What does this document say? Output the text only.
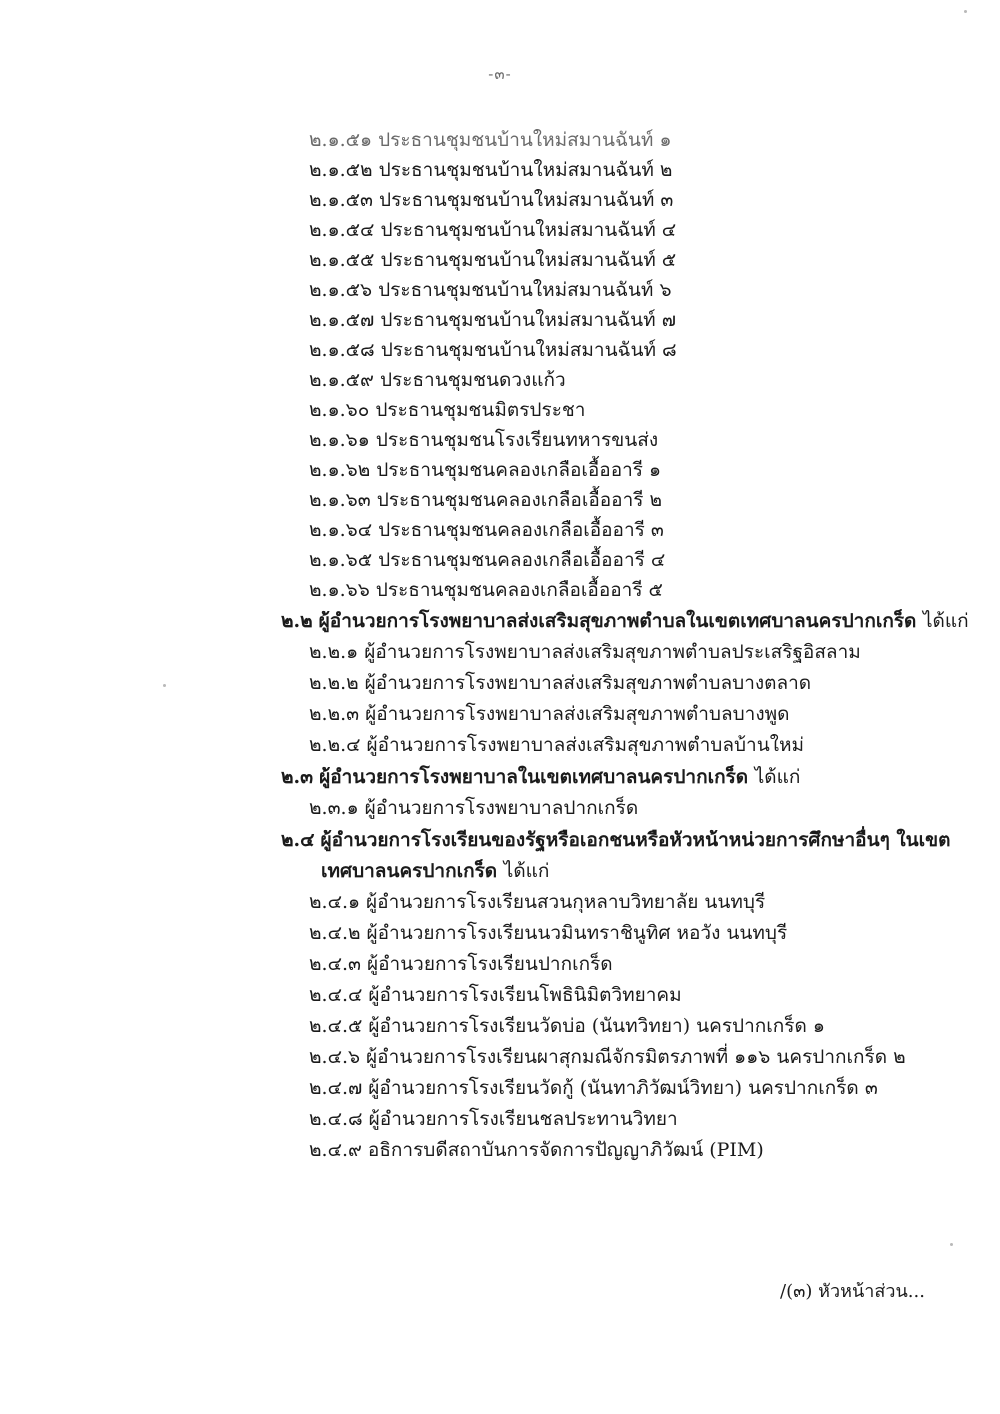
-๓-
๒.๑.๕๑ ประธานชุมชนบ้านใหม่สมานฉันท์ ๑
๒.๑.๕๒ ประธานชุมชนบ้านใหม่สมานฉันท์ ๒
๒.๑.๕๓ ประธานชุมชนบ้านใหม่สมานฉันท์ ๓
๒.๑.๕๔ ประธานชุมชนบ้านใหม่สมานฉันท์ ๔
๒.๑.๕๕ ประธานชุมชนบ้านใหม่สมานฉันท์ ๕
๒.๑.๕๖ ประธานชุมชนบ้านใหม่สมานฉันท์ ๖
๒.๑.๕๗ ประธานชุมชนบ้านใหม่สมานฉันท์ ๗
๒.๑.๕๘ ประธานชุมชนบ้านใหม่สมานฉันท์ ๘
๒.๑.๕๙ ประธานชุมชนดวงแก้ว
๒.๑.๖๐ ประธานชุมชนมิตรประชา
๒.๑.๖๑ ประธานชุมชนโรงเรียนทหารขนส่ง
๒.๑.๖๒ ประธานชุมชนคลองเกลือเอื้ออารี ๑
๒.๑.๖๓ ประธานชุมชนคลองเกลือเอื้ออารี ๒
๒.๑.๖๔ ประธานชุมชนคลองเกลือเอื้ออารี ๓
๒.๑.๖๕ ประธานชุมชนคลองเกลือเอื้ออารี ๔
๒.๑.๖๖ ประธานชุมชนคลองเกลือเอื้ออารี ๕
๒.๒ ผู้อำนวยการโรงพยาบาลส่งเสริมสุขภาพตำบลในเขตเทศบาลนครปากเกร็ด ได้แก่
๒.๒.๑ ผู้อำนวยการโรงพยาบาลส่งเสริมสุขภาพตำบลประเสริฐอิสลาม
๒.๒.๒ ผู้อำนวยการโรงพยาบาลส่งเสริมสุขภาพตำบลบางตลาด
๒.๒.๓ ผู้อำนวยการโรงพยาบาลส่งเสริมสุขภาพตำบลบางพูด
๒.๒.๔ ผู้อำนวยการโรงพยาบาลส่งเสริมสุขภาพตำบลบ้านใหม่
๒.๓ ผู้อำนวยการโรงพยาบาลในเขตเทศบาลนครปากเกร็ด ได้แก่
๒.๓.๑ ผู้อำนวยการโรงพยาบาลปากเกร็ด
๒.๔ ผู้อำนวยการโรงเรียนของรัฐหรือเอกชนหรือหัวหน้าหน่วยการศึกษาอื่นๆ ในเขต
เทศบาลนครปากเกร็ด ได้แก่
๒.๔.๑ ผู้อำนวยการโรงเรียนสวนกุหลาบวิทยาลัย นนทบุรี
๒.๔.๒ ผู้อำนวยการโรงเรียนนวมินทราชินูทิศ หอวัง นนทบุรี
๒.๔.๓ ผู้อำนวยการโรงเรียนปากเกร็ด
๒.๔.๔ ผู้อำนวยการโรงเรียนโพธินิมิตวิทยาคม
๒.๔.๕ ผู้อำนวยการโรงเรียนวัดบ่อ (นันทวิทยา) นครปากเกร็ด ๑
๒.๔.๖ ผู้อำนวยการโรงเรียนผาสุกมณีจักรมิตรภาพที่ ๑๑๖ นครปากเกร็ด ๒
๒.๔.๗ ผู้อำนวยการโรงเรียนวัดกู้ (นันทาภิวัฒน์วิทยา) นครปากเกร็ด ๓
๒.๔.๘ ผู้อำนวยการโรงเรียนชลประทานวิทยา
๒.๔.๙ อธิการบดีสถาบันการจัดการปัญญาภิวัฒน์ (PIM)
/(๓) หัวหน้าส่วน...
